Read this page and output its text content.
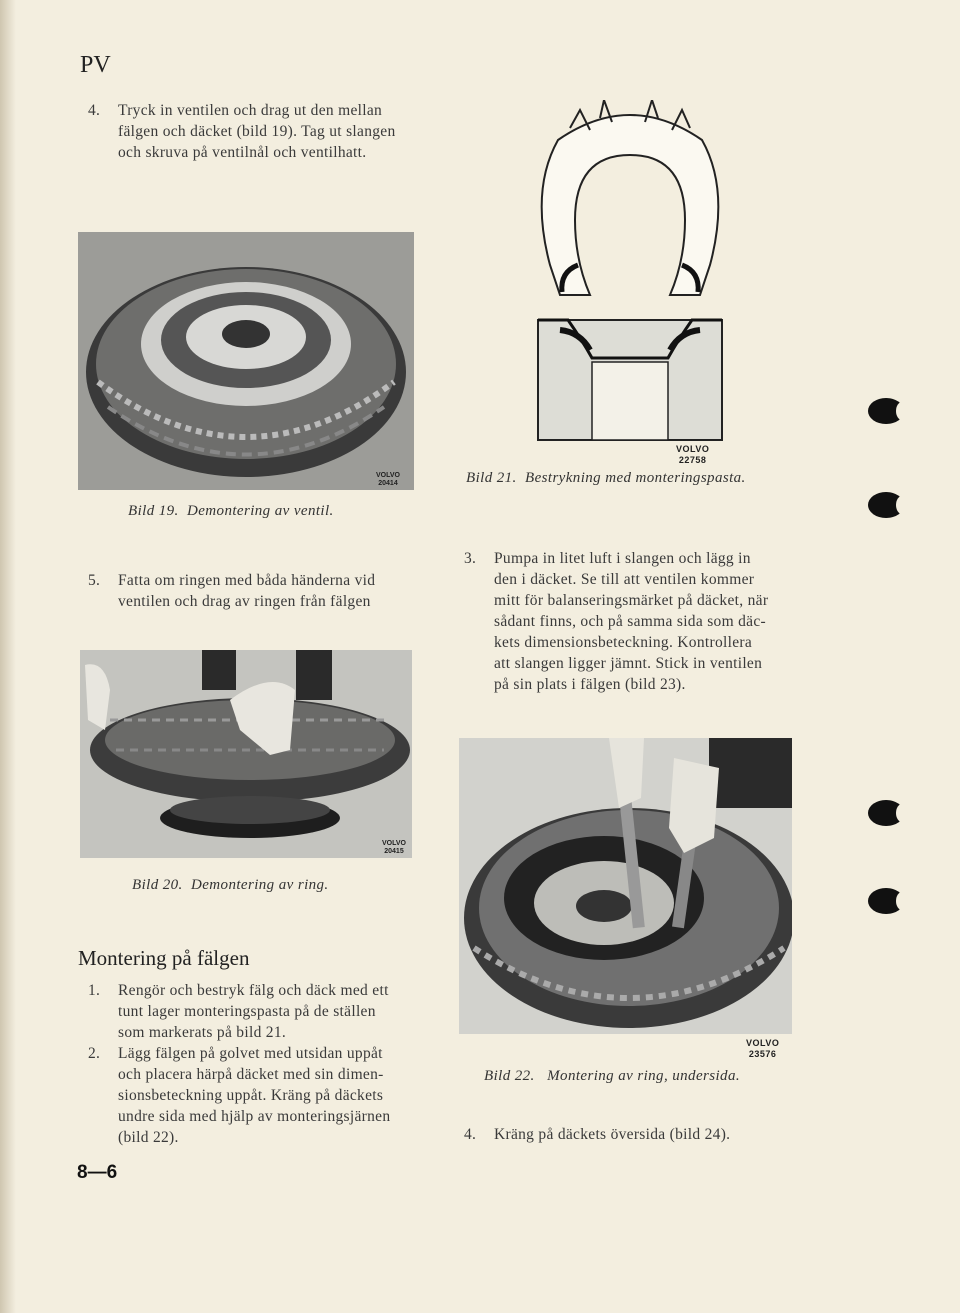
PV
4. Tryck in ventilen och drag ut den mellan
fälgen och däcket (bild 19). Tag ut slangen
och skruva på ventilnål och ventilhatt.
VOLVO
20414
Bild 19. Demontering av ventil.
5. Fatta om ringen med båda händerna vid
ventilen och drag av ringen från fälgen
VOLVO
20415
Bild 20. Demontering av ring.
Montering på fälgen
1. Rengör och bestryk fälg och däck med ett
tunt lager monteringspasta på de ställen
som markerats på bild 21.
2. Lägg fälgen på golvet med utsidan uppåt
och placera härpå däcket med sin dimen-
sionsbeteckning uppåt. Kräng på däckets
undre sida med hjälp av monteringsjärnen
(bild 22).
8—6
VOLVO
22758
Bild 21. Bestrykning med monteringspasta.
3. Pumpa in litet luft i slangen och lägg in
den i däcket. Se till att ventilen kommer
mitt för balanseringsmärket på däcket, när
sådant finns, och på samma sida som däc-
kets dimensionsbeteckning. Kontrollera
att slangen ligger jämnt. Stick in ventilen
på sin plats i fälgen (bild 23).
VOLVO
23576
Bild 22. Montering av ring, undersida.
4. Kräng på däckets översida (bild 24).
